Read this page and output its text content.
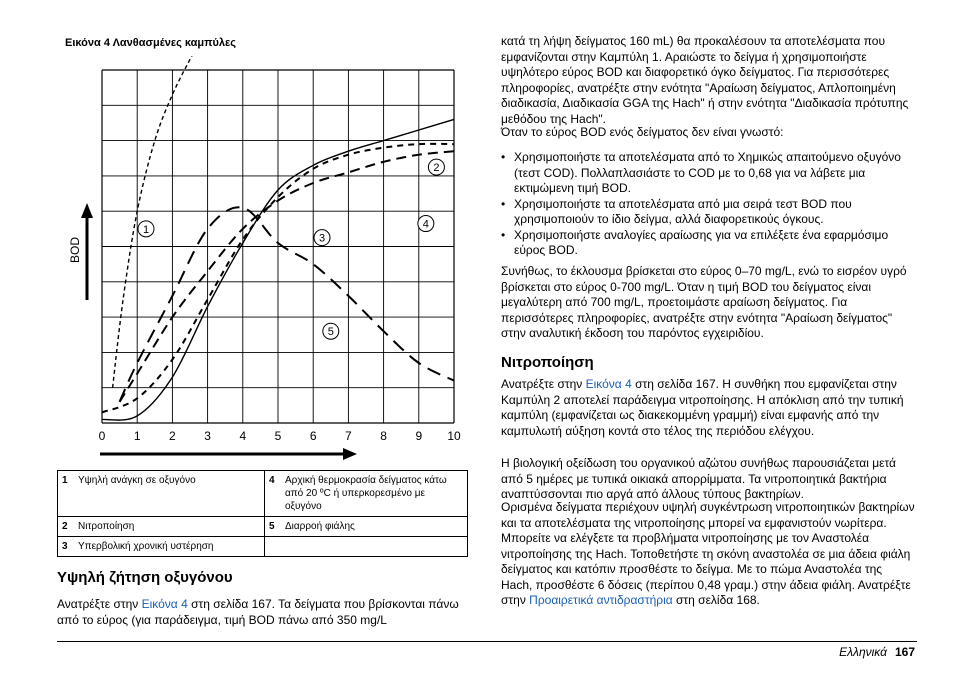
Εικόνα 4 Λανθασμένες καμπύλες
BOD
0 1 2 3 4 5 6 7 8 9 10
1
2
3
4
5
1	Υψηλή ανάγκη σε οξυγόνο	4	Αρχική θερμοκρασία δείγματος κάτω από 20 ºC ή υπερκορεσμένο με οξυγόνο
2	Νιτροποίηση	5	Διαρροή φιάλης
3	Υπερβολική χρονική υστέρηση		
Υψηλή ζήτηση οξυγόνου

Ανατρέξτε στην Εικόνα 4 στη σελίδα 167. Τα δείγματα που βρίσκονται πάνω από το εύρος (για παράδειγμα, τιμή BOD πάνω από 350 mg/L

κατά τη λήψη δείγματος 160 mL) θα προκαλέσουν τα αποτελέσματα που εμφανίζονται στην Καμπύλη 1. Αραιώστε το δείγμα ή χρησιμοποιήστε υψηλότερο εύρος BOD και διαφορετικό όγκο δείγματος. Για περισσότερες πληροφορίες, ανατρέξτε στην ενότητα "Αραίωση δείγματος, Απλοποιημένη διαδικασία, Διαδικασία GGA της Hach" ή στην ενότητα "Διαδικασία πρότυπης μεθόδου της Hach".

Όταν το εύρος BOD ενός δείγματος δεν είναι γνωστό:

• Χρησιμοποιήστε τα αποτελέσματα από το Χημικώς απαιτούμενο οξυγόνο (τεστ COD). Πολλαπλασιάστε το COD με το 0,68 για να λάβετε μια εκτιμώμενη τιμή BOD.
• Χρησιμοποιήστε τα αποτελέσματα από μια σειρά τεστ BOD που χρησιμοποιούν το ίδιο δείγμα, αλλά διαφορετικούς όγκους.
• Χρησιμοποιήστε αναλογίες αραίωσης για να επιλέξετε ένα εφαρμόσιμο εύρος BOD.

Συνήθως, το έκλουσμα βρίσκεται στο εύρος 0–70 mg/L, ενώ το εισρέον υγρό βρίσκεται στο εύρος 0-700 mg/L. Όταν η τιμή BOD του δείγματος είναι μεγαλύτερη από 700 mg/L, προετοιμάστε αραίωση δείγματος. Για περισσότερες πληροφορίες, ανατρέξτε στην ενότητα "Αραίωση δείγματος" στην αναλυτική έκδοση του παρόντος εγχειριδίου.

Νιτροποίηση

Ανατρέξτε στην Εικόνα 4 στη σελίδα 167. Η συνθήκη που εμφανίζεται στην Καμπύλη 2 αποτελεί παράδειγμα νιτροποίησης. Η απόκλιση από την τυπική καμπύλη (εμφανίζεται ως διακεκομμένη γραμμή) είναι εμφανής από την καμπυλωτή αύξηση κοντά στο τέλος της περιόδου ελέγχου.

Η βιολογική οξείδωση του οργανικού αζώτου συνήθως παρουσιάζεται μετά από 5 ημέρες με τυπικά οικιακά απορρίμματα. Τα νιτροποιητικά βακτήρια αναπτύσσονται πιο αργά από άλλους τύπους βακτηρίων.

Ορισμένα δείγματα περιέχουν υψηλή συγκέντρωση νιτροποιητικών βακτηρίων και τα αποτελέσματα της νιτροποίησης μπορεί να εμφανιστούν νωρίτερα. Μπορείτε να ελέγξετε τα προβλήματα νιτροποίησης με τον Αναστολέα νιτροποίησης της Hach. Τοποθετήστε τη σκόνη αναστολέα σε μια άδεια φιάλη δείγματος και κατόπιν προσθέστε το δείγμα. Με το πώμα Αναστολέα της Hach, προσθέστε 6 δόσεις (περίπου 0,48 γραμ.) στην άδεια φιάλη. Ανατρέξτε στην Προαιρετικά αντιδραστήρια στη σελίδα 168.

Ελληνικά 167
